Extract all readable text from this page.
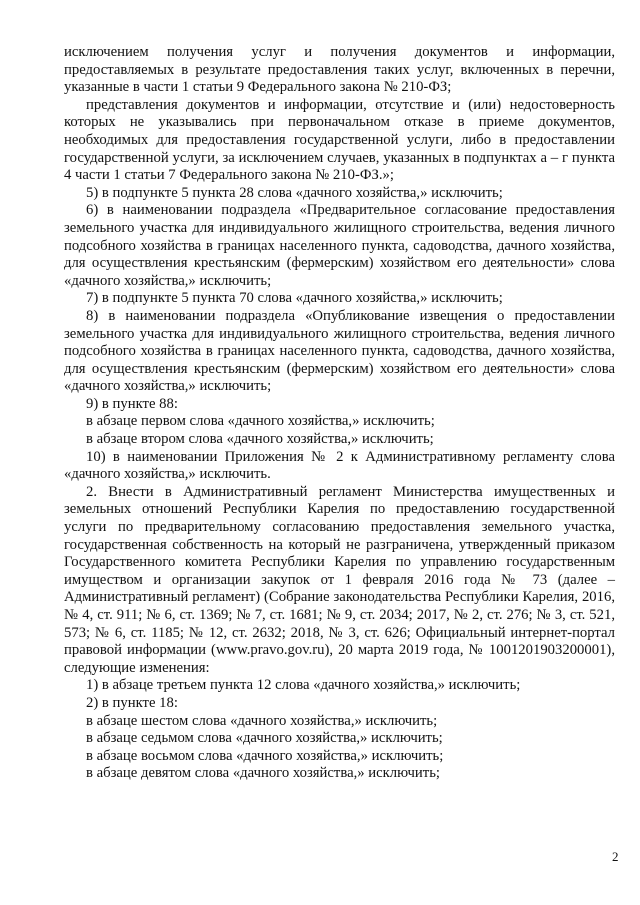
исключением получения услуг и получения документов и информации, предоставляемых в результате предоставления таких услуг, включенных в перечни, указанные в части 1 статьи 9 Федерального закона № 210-ФЗ;

представления документов и информации, отсутствие и (или) недостоверность которых не указывались при первоначальном отказе в приеме документов, необходимых для предоставления государственной услуги, либо в предоставлении государственной услуги, за исключением случаев, указанных в подпунктах а – г пункта 4 части 1 статьи 7 Федерального закона № 210-ФЗ.»;

5) в подпункте 5 пункта 28 слова «дачного хозяйства,» исключить;

6) в наименовании подраздела «Предварительное согласование предоставления земельного участка для индивидуального жилищного строительства, ведения личного подсобного хозяйства в границах населенного пункта, садоводства, дачного хозяйства, для осуществления крестьянским (фермерским) хозяйством его деятельности» слова «дачного хозяйства,» исключить;

7) в подпункте 5 пункта 70 слова «дачного хозяйства,» исключить;

8) в наименовании подраздела «Опубликование извещения о предоставлении земельного участка для индивидуального жилищного строительства, ведения личного подсобного хозяйства в границах населенного пункта, садоводства, дачного хозяйства, для осуществления крестьянским (фермерским) хозяйством его деятельности» слова «дачного хозяйства,» исключить;

9) в пункте 88:

в абзаце первом слова «дачного хозяйства,» исключить;

в абзаце втором слова «дачного хозяйства,» исключить;

10) в наименовании Приложения № 2 к Административному регламенту слова «дачного хозяйства,» исключить.

2. Внести в Административный регламент Министерства имущественных и земельных отношений Республики Карелия по предоставлению государственной услуги по предварительному согласованию предоставления земельного участка, государственная собственность на который не разграничена, утвержденный приказом Государственного комитета Республики Карелия по управлению государственным имуществом и организации закупок от 1 февраля 2016 года № 73 (далее – Административный регламент) (Собрание законодательства Республики Карелия, 2016, № 4, ст. 911; № 6, ст. 1369; № 7, ст. 1681; № 9, ст. 2034; 2017, № 2, ст. 276; № 3, ст. 521, 573; № 6, ст. 1185; № 12, ст. 2632; 2018, № 3, ст. 626; Официальный интернет-портал правовой информации (www.pravo.gov.ru), 20 марта 2019 года, № 1001201903200001), следующие изменения:

1) в абзаце третьем пункта 12 слова «дачного хозяйства,» исключить;

2) в пункте 18:

в абзаце шестом слова «дачного хозяйства,» исключить;

в абзаце седьмом слова «дачного хозяйства,» исключить;

в абзаце восьмом слова «дачного хозяйства,» исключить;

в абзаце девятом слова «дачного хозяйства,» исключить;

2
